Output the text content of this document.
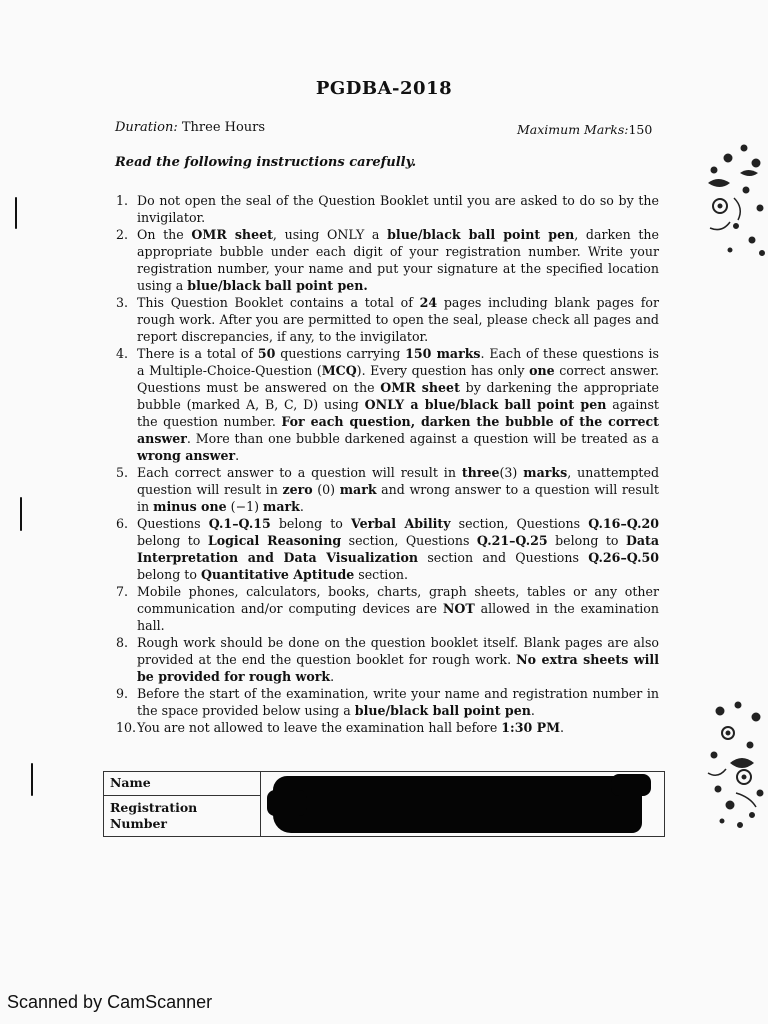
PGDBA-2018
Duration: Three Hours	Maximum Marks:150
Read the following instructions carefully.
1. Do not open the seal of the Question Booklet until you are asked to do so by the invigilator.
2. On the OMR sheet, using ONLY a blue/black ball point pen, darken the appropriate bubble under each digit of your registration number. Write your registration number, your name and put your signature at the specified location using a blue/black ball point pen.
3. This Question Booklet contains a total of 24 pages including blank pages for rough work. After you are permitted to open the seal, please check all pages and report discrepancies, if any, to the invigilator.
4. There is a total of 50 questions carrying 150 marks. Each of these questions is a Multiple-Choice-Question (MCQ). Every question has only one correct answer. Questions must be answered on the OMR sheet by darkening the appropriate bubble (marked A, B, C, D) using ONLY a blue/black ball point pen against the question number. For each question, darken the bubble of the correct answer. More than one bubble darkened against a question will be treated as a wrong answer.
5. Each correct answer to a question will result in three(3) marks, unattempted question will result in zero (0) mark and wrong answer to a question will result in minus one (−1) mark.
6. Questions Q.1–Q.15 belong to Verbal Ability section, Questions Q.16–Q.20 belong to Logical Reasoning section, Questions Q.21–Q.25 belong to Data Interpretation and Data Visualization section and Questions Q.26–Q.50 belong to Quantitative Aptitude section.
7. Mobile phones, calculators, books, charts, graph sheets, tables or any other communication and/or computing devices are NOT allowed in the examination hall.
8. Rough work should be done on the question booklet itself. Blank pages are also provided at the end the question booklet for rough work. No extra sheets will be provided for rough work.
9. Before the start of the examination, write your name and registration number in the space provided below using a blue/black ball point pen.
10. You are not allowed to leave the examination hall before 1:30 PM.
Name	

Registration Number
Scanned by CamScanner
